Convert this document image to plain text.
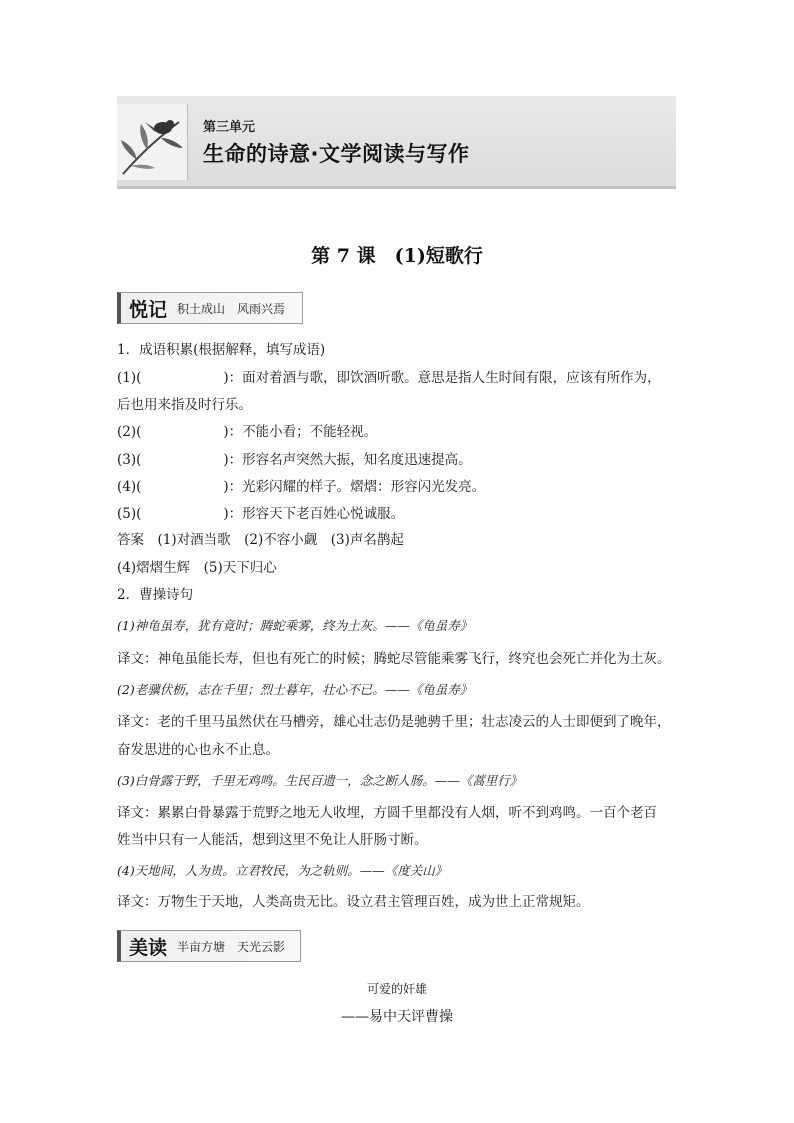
第三单元
生命的诗意·文学阅读与写作
第 7 课　(1)短歌行
悦记 积土成山　风雨兴焉
1．成语积累(根据解释，填写成语)
(1)(	)：面对着酒与歌，即饮酒听歌。意思是指人生时间有限，应该有所作为，
后也用来指及时行乐。
(2)(	)：不能小看；不能轻视。
(3)(	)：形容名声突然大振，知名度迅速提高。
(4)(	)：光彩闪耀的样子。熠熠：形容闪光发亮。
(5)(	)：形容天下老百姓心悦诚服。
答案　(1)对酒当歌　(2)不容小觑　(3)声名鹊起
(4)熠熠生辉　(5)天下归心
2．曹操诗句
(1)神龟虽寿，犹有竟时；腾蛇乘雾，终为土灰。——《龟虽寿》
译文：神龟虽能长寿，但也有死亡的时候；腾蛇尽管能乘雾飞行，终究也会死亡并化为土灰。
(2)老骥伏枥，志在千里；烈士暮年，壮心不已。——《龟虽寿》
译文：老的千里马虽然伏在马槽旁，雄心壮志仍是驰骋千里；壮志凌云的人士即便到了晚年，
奋发思进的心也永不止息。
(3)白骨露于野，千里无鸡鸣。生民百遗一，念之断人肠。——《蒿里行》
译文：累累白骨暴露于荒野之地无人收埋，方圆千里都没有人烟，听不到鸡鸣。一百个老百
姓当中只有一人能活，想到这里不免让人肝肠寸断。
(4)天地间，人为贵。立君牧民，为之轨则。——《度关山》
译文：万物生于天地，人类高贵无比。设立君主管理百姓，成为世上正常规矩。
美读 半亩方塘　天光云影
可爱的奸雄
——易中天评曹操
